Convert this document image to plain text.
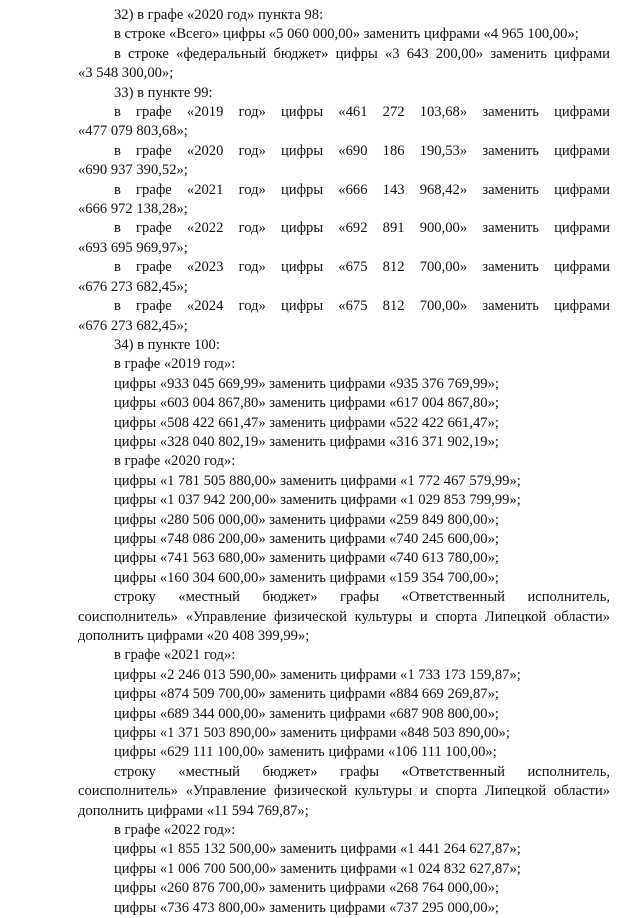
32) в графе «2020 год» пункта 98:
в строке «Всего» цифры «5 060 000,00» заменить цифрами «4 965 100,00»;
в строке «федеральный бюджет» цифры «3 643 200,00» заменить цифрами
«3 548 300,00»;
33) в пункте 99:
в графе «2019 год» цифры «461 272 103,68» заменить цифрами
«477 079 803,68»;
в графе «2020 год» цифры «690 186 190,53» заменить цифрами
«690 937 390,52»;
в графе «2021 год» цифры «666 143 968,42» заменить цифрами
«666 972 138,28»;
в графе «2022 год» цифры «692 891 900,00» заменить цифрами
«693 695 969,97»;
в графе «2023 год» цифры «675 812 700,00» заменить цифрами
«676 273 682,45»;
в графе «2024 год» цифры «675 812 700,00» заменить цифрами
«676 273 682,45»;
34) в пункте 100:
в графе «2019 год»:
цифры «933 045 669,99» заменить цифрами «935 376 769,99»;
цифры «603 004 867,80» заменить цифрами «617 004 867,80»;
цифры «508 422 661,47» заменить цифрами «522 422 661,47»;
цифры «328 040 802,19» заменить цифрами «316 371 902,19»;
в графе «2020 год»:
цифры «1 781 505 880,00» заменить цифрами «1 772 467 579,99»;
цифры «1 037 942 200,00» заменить цифрами «1 029 853 799,99»;
цифры «280 506 000,00» заменить цифрами «259 849 800,00»;
цифры «748 086 200,00» заменить цифрами «740 245 600,00»;
цифры «741 563 680,00» заменить цифрами «740 613 780,00»;
цифры «160 304 600,00» заменить цифрами «159 354 700,00»;
строку «местный бюджет» графы «Ответственный исполнитель,
соисполнитель» «Управление физической культуры и спорта Липецкой области»
дополнить цифрами «20 408 399,99»;
в графе «2021 год»:
цифры «2 246 013 590,00» заменить цифрами «1 733 173 159,87»;
цифры «874 509 700,00» заменить цифрами «884 669 269,87»;
цифры «689 344 000,00» заменить цифрами «687 908 800,00»;
цифры «1 371 503 890,00» заменить цифрами «848 503 890,00»;
цифры «629 111 100,00» заменить цифрами «106 111 100,00»;
строку «местный бюджет» графы «Ответственный исполнитель,
соисполнитель» «Управление физической культуры и спорта Липецкой области»
дополнить цифрами «11 594 769,87»;
в графе «2022 год»:
цифры «1 855 132 500,00» заменить цифрами «1 441 264 627,87»;
цифры «1 006 700 500,00» заменить цифрами «1 024 832 627,87»;
цифры «260 876 700,00» заменить цифрами «268 764 000,00»;
цифры «736 473 800,00» заменить цифрами «737 295 000,00»;
